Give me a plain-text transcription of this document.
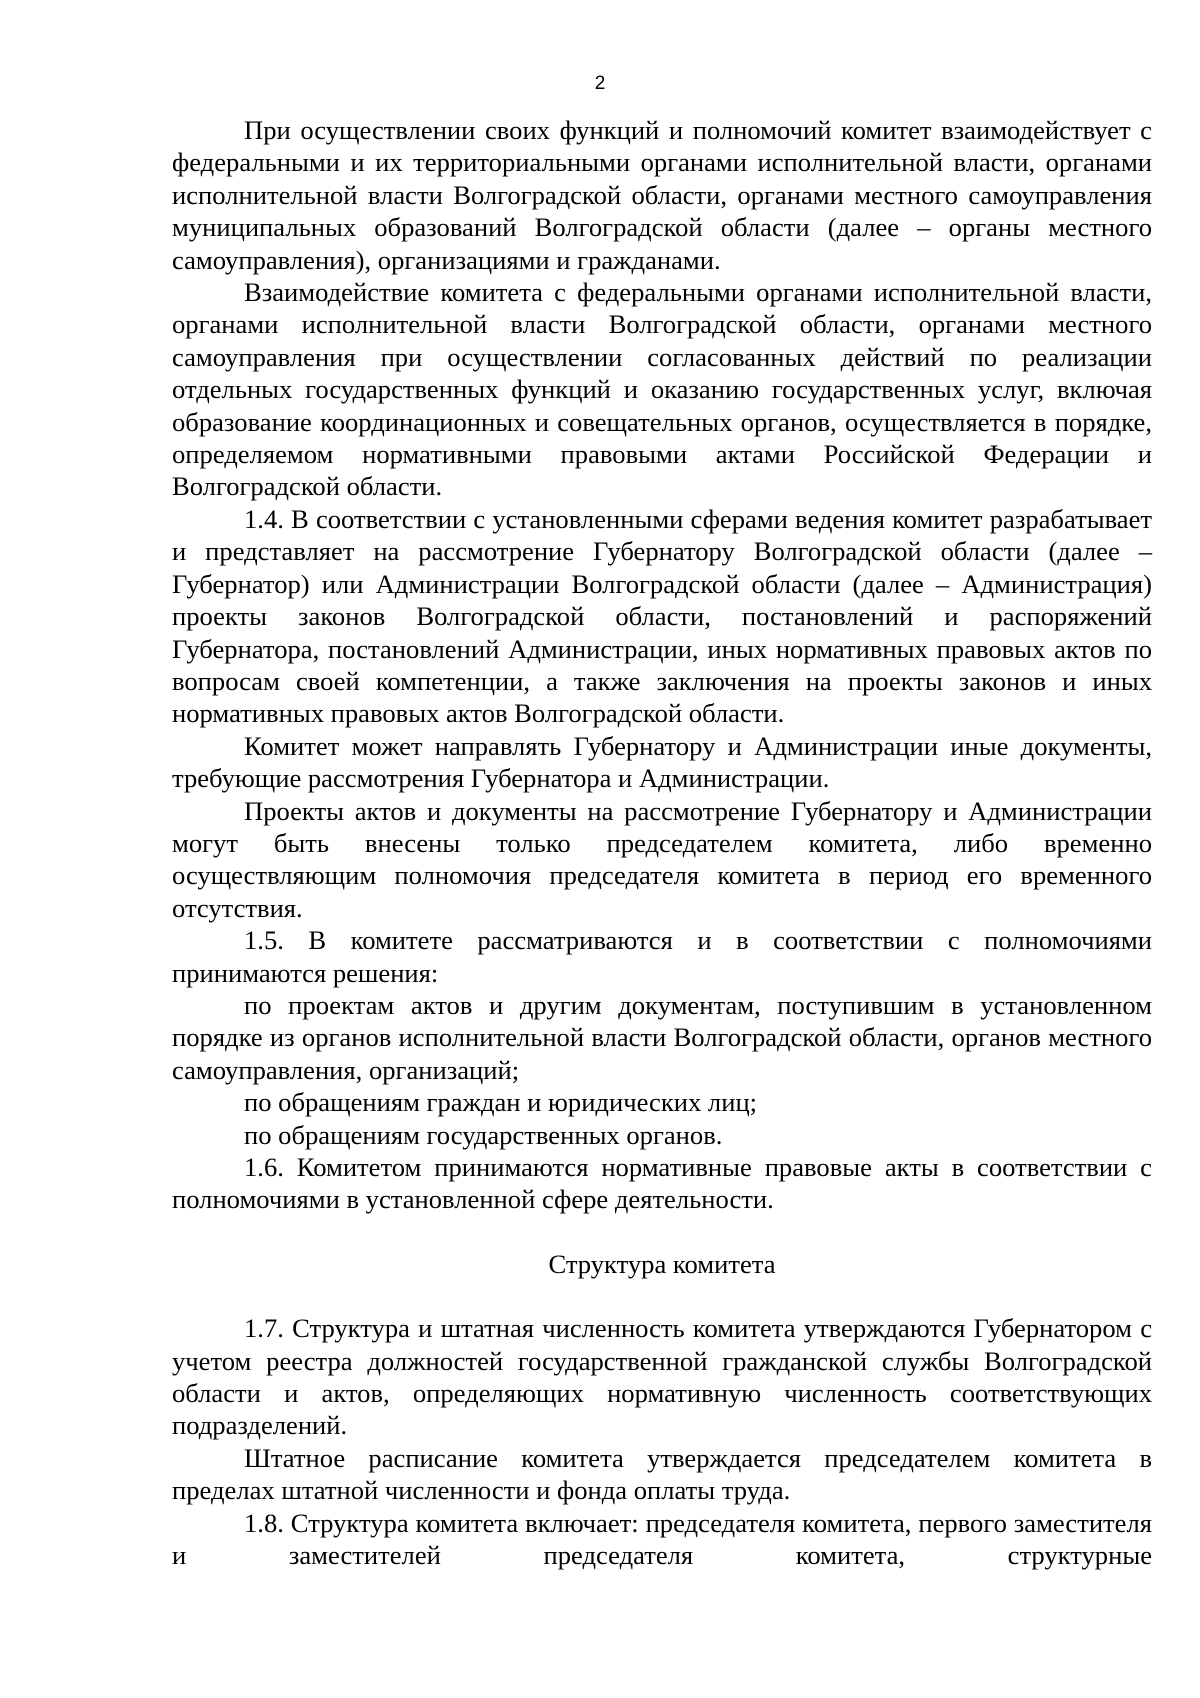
2

При осуществлении своих функций и полномочий комитет взаимодействует с федеральными и их территориальными органами исполнительной власти, органами исполнительной власти Волгоградской области, органами местного самоуправления муниципальных образований Волгоградской области (далее – органы местного самоуправления), организациями и гражданами.

Взаимодействие комитета с федеральными органами исполнительной власти, органами исполнительной власти Волгоградской области, органами местного самоуправления при осуществлении согласованных действий по реализации отдельных государственных функций и оказанию государственных услуг, включая образование координационных и совещательных органов, осуществляется в порядке, определяемом нормативными правовыми актами Российской Федерации и Волгоградской области.

1.4. В соответствии с установленными сферами ведения комитет разрабатывает и представляет на рассмотрение Губернатору Волгоградской области (далее – Губернатор) или Администрации Волгоградской области (далее – Администрация) проекты законов Волгоградской области, постановлений и распоряжений Губернатора, постановлений Администрации, иных нормативных правовых актов по вопросам своей компетенции, а также заключения на проекты законов и иных нормативных правовых актов Волгоградской области.

Комитет может направлять Губернатору и Администрации иные документы, требующие рассмотрения Губернатора и Администрации.

Проекты актов и документы на рассмотрение Губернатору и Администрации могут быть внесены только председателем комитета, либо временно осуществляющим полномочия председателя комитета в период его временного отсутствия.

1.5. В комитете рассматриваются и в соответствии с полномочиями принимаются решения:

по проектам актов и другим документам, поступившим в установленном порядке из органов исполнительной власти Волгоградской области, органов местного самоуправления, организаций;

по обращениям граждан и юридических лиц;

по обращениям государственных органов.

1.6. Комитетом принимаются нормативные правовые акты в соответствии с полномочиями в установленной сфере деятельности.

Структура комитета

1.7. Структура и штатная численность комитета утверждаются Губернатором с учетом реестра должностей государственной гражданской службы Волгоградской области и актов, определяющих нормативную численность соответствующих подразделений.

Штатное расписание комитета утверждается председателем комитета в пределах штатной численности и фонда оплаты труда.

1.8. Структура комитета включает: председателя комитета, первого заместителя и заместителей председателя комитета, структурные
